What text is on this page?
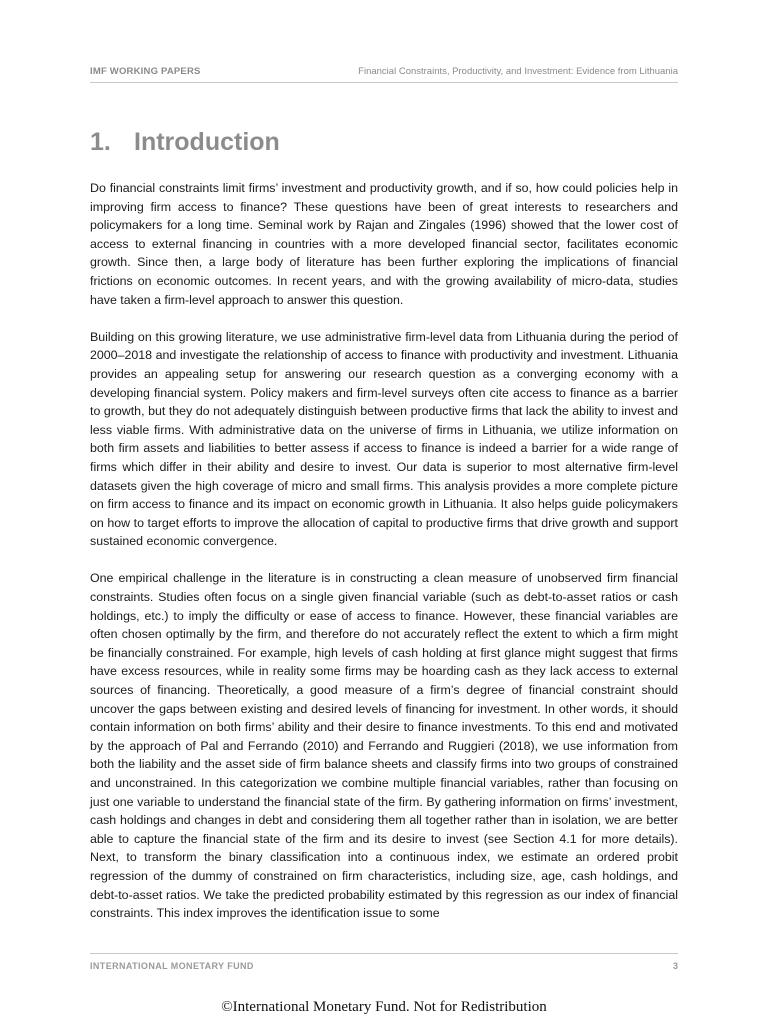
IMF WORKING PAPERS	Financial Constraints, Productivity, and Investment: Evidence from Lithuania
1. Introduction

Do financial constraints limit firms’ investment and productivity growth, and if so, how could policies help in improving firm access to finance? These questions have been of great interests to researchers and policymakers for a long time. Seminal work by Rajan and Zingales (1996) showed that the lower cost of access to external financing in countries with a more developed financial sector, facilitates economic growth. Since then, a large body of literature has been further exploring the implications of financial frictions on economic outcomes. In recent years, and with the growing availability of micro-data, studies have taken a firm-level approach to answer this question.

Building on this growing literature, we use administrative firm-level data from Lithuania during the period of 2000–2018 and investigate the relationship of access to finance with productivity and investment. Lithuania provides an appealing setup for answering our research question as a converging economy with a developing financial system. Policy makers and firm-level surveys often cite access to finance as a barrier to growth, but they do not adequately distinguish between productive firms that lack the ability to invest and less viable firms. With administrative data on the universe of firms in Lithuania, we utilize information on both firm assets and liabilities to better assess if access to finance is indeed a barrier for a wide range of firms which differ in their ability and desire to invest. Our data is superior to most alternative firm-level datasets given the high coverage of micro and small firms. This analysis provides a more complete picture on firm access to finance and its impact on economic growth in Lithuania. It also helps guide policymakers on how to target efforts to improve the allocation of capital to productive firms that drive growth and support sustained economic convergence.

One empirical challenge in the literature is in constructing a clean measure of unobserved firm financial constraints. Studies often focus on a single given financial variable (such as debt-to-asset ratios or cash holdings, etc.) to imply the difficulty or ease of access to finance. However, these financial variables are often chosen optimally by the firm, and therefore do not accurately reflect the extent to which a firm might be financially constrained. For example, high levels of cash holding at first glance might suggest that firms have excess resources, while in reality some firms may be hoarding cash as they lack access to external sources of financing. Theoretically, a good measure of a firm’s degree of financial constraint should uncover the gaps between existing and desired levels of financing for investment. In other words, it should contain information on both firms’ ability and their desire to finance investments. To this end and motivated by the approach of Pal and Ferrando (2010) and Ferrando and Ruggieri (2018), we use information from both the liability and the asset side of firm balance sheets and classify firms into two groups of constrained and unconstrained. In this categorization we combine multiple financial variables, rather than focusing on just one variable to understand the financial state of the firm. By gathering information on firms’ investment, cash holdings and changes in debt and considering them all together rather than in isolation, we are better able to capture the financial state of the firm and its desire to invest (see Section 4.1 for more details). Next, to transform the binary classification into a continuous index, we estimate an ordered probit regression of the dummy of constrained on firm characteristics, including size, age, cash holdings, and debt-to-asset ratios. We take the predicted probability estimated by this regression as our index of financial constraints. This index improves the identification issue to some

INTERNATIONAL MONETARY FUND	3
©International Monetary Fund. Not for Redistribution
